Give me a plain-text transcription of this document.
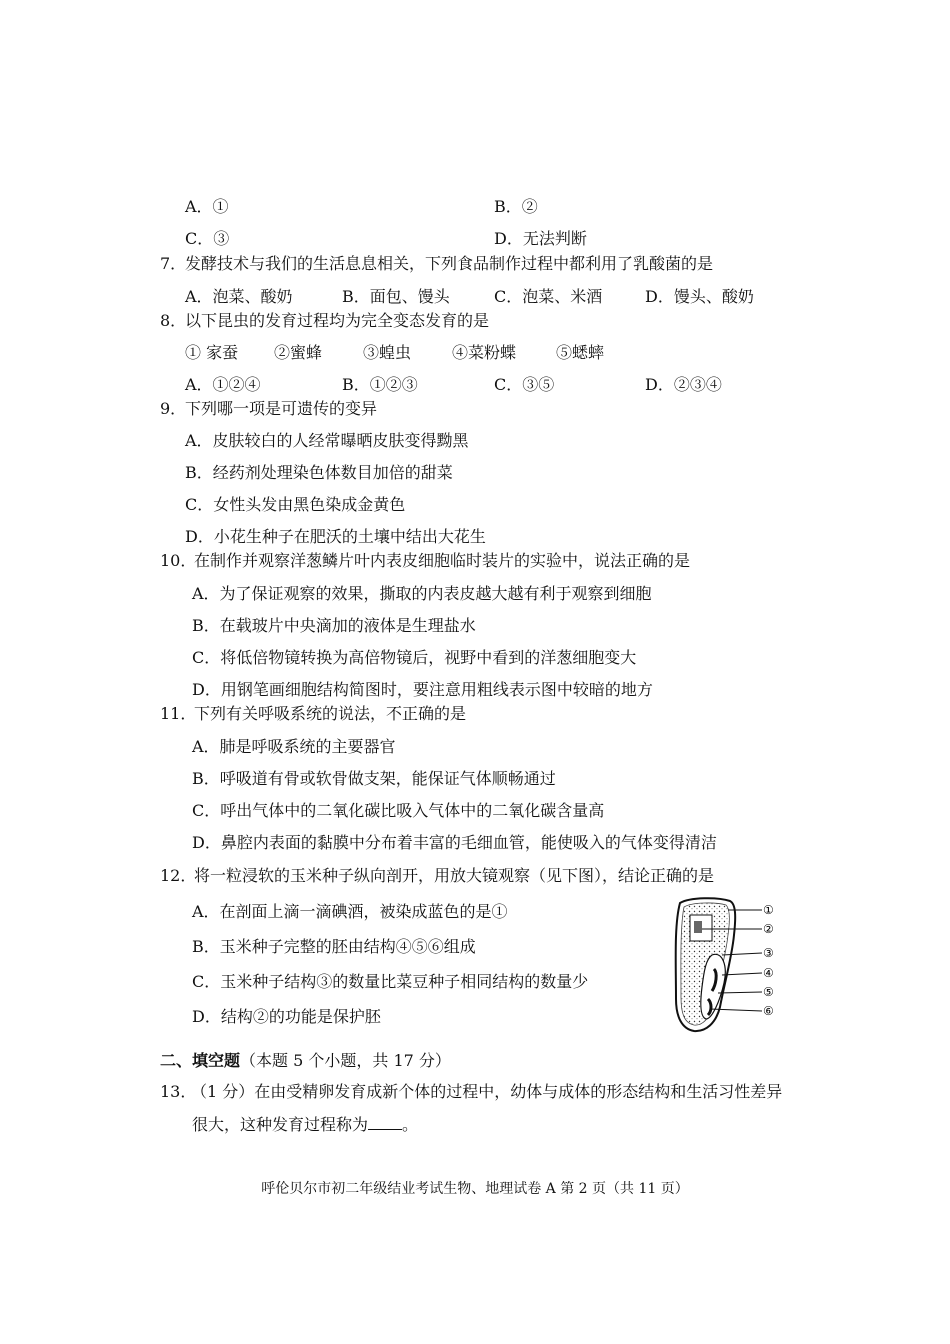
A．①	B．②
C．③	D．无法判断
7．
发酵技术与我们的生活息息相关，下列食品制作过程中都利用了乳酸菌的是
A．泡菜、酸奶	B．面包、馒头	C．泡菜、米酒	D．馒头、酸奶
8．
以下昆虫的发育过程均为完全变态发育的是
① 家蚕 ②蜜蜂	③蝗虫	④菜粉蝶 ⑤蟋蟀
A．①②④	B．①②③	C．③⑤	D．②③④
9．
下列哪一项是可遗传的变异
A．皮肤较白的人经常曝晒皮肤变得黝黑
B．经药剂处理染色体数目加倍的甜菜
C．女性头发由黑色染成金黄色
D．小花生种子在肥沃的土壤中结出大花生
10．
在制作并观察洋葱鳞片叶内表皮细胞临时装片的实验中，说法正确的是
A．为了保证观察的效果，撕取的内表皮越大越有利于观察到细胞
B．在载玻片中央滴加的液体是生理盐水
C．将低倍物镜转换为高倍物镜后，视野中看到的洋葱细胞变大
D．用钢笔画细胞结构简图时，要注意用粗线表示图中较暗的地方
11．
下列有关呼吸系统的说法，不正确的是
A．肺是呼吸系统的主要器官
B．呼吸道有骨或软骨做支架，能保证气体顺畅通过
C．呼出气体中的二氧化碳比吸入气体中的二氧化碳含量高
D．鼻腔内表面的黏膜中分布着丰富的毛细血管，能使吸入的气体变得清洁
12．
将一粒浸软的玉米种子纵向剖开，用放大镜观察（见下图），结论正确的是
A．在剖面上滴一滴碘酒，被染成蓝色的是①
B．玉米种子完整的胚由结构④⑤⑥组成
C．玉米种子结构③的数量比菜豆种子相同结构的数量少
D．结构②的功能是保护胚
①
②
③
④
⑤
⑥
二、填空题（本题 5 个小题，共 17 分）
13．
（1 分）在由受精卵发育成新个体的过程中，幼体与成体的形态结构和生活习性差异
很大，这种发育过程称为 。
呼伦贝尔市初二年级结业考试生物、地理试卷 A 第 2 页（共 11 页）
